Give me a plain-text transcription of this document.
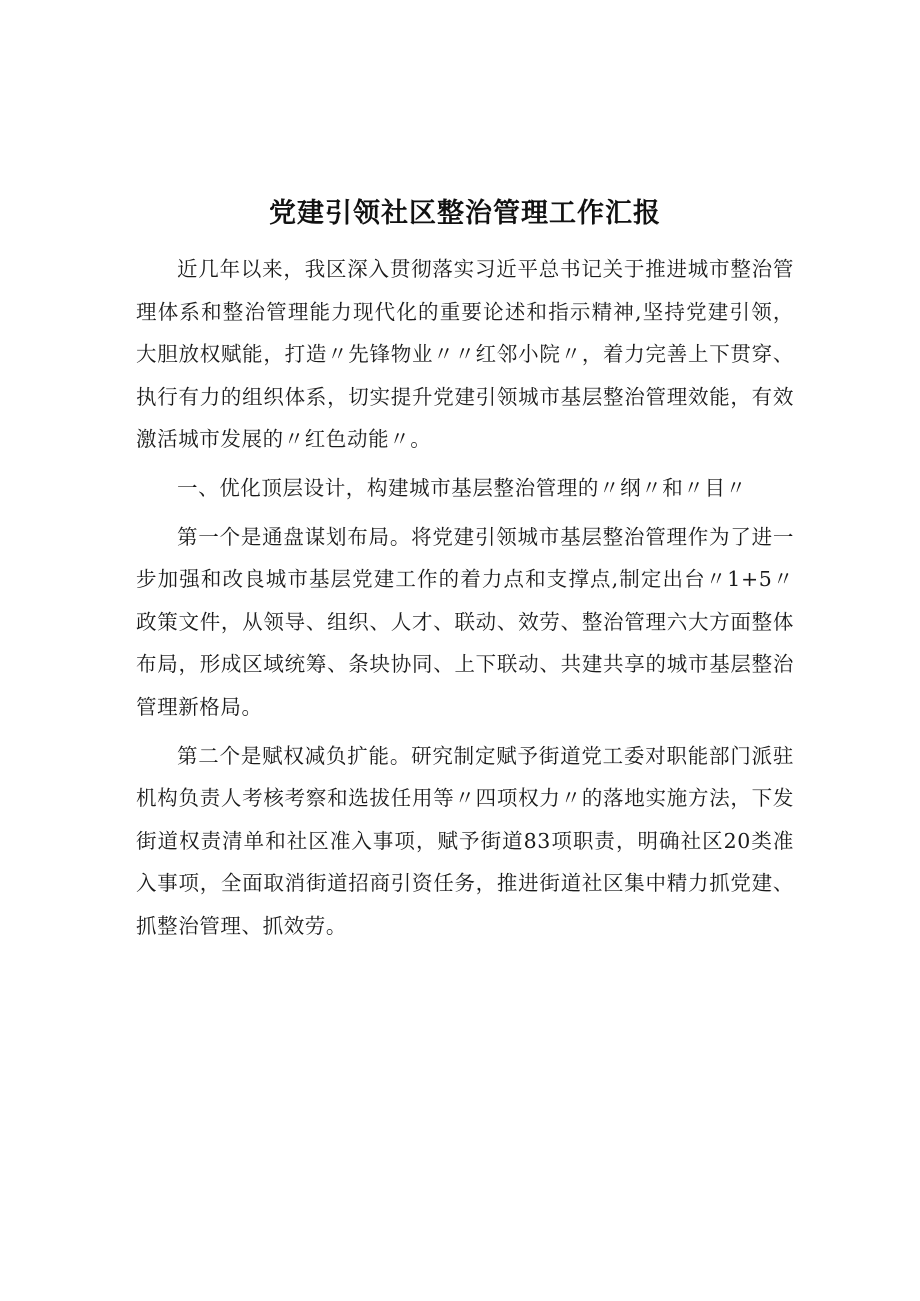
党建引领社区整治管理工作汇报

近几年以来，我区深入贯彻落实习近平总书记关于推进城市整治管理体系和整治管理能力现代化的重要论述和指示精神,坚持党建引领，大胆放权赋能，打造〃先锋物业〃〃红邻小院〃，着力完善上下贯穿、执行有力的组织体系，切实提升党建引领城市基层整治管理效能，有效激活城市发展的〃红色动能〃。

一、优化顶层设计，构建城市基层整治管理的〃纲〃和〃目〃

第一个是通盘谋划布局。将党建引领城市基层整治管理作为了进一步加强和改良城市基层党建工作的着力点和支撑点,制定出台〃1+5〃政策文件，从领导、组织、人才、联动、效劳、整治管理六大方面整体布局，形成区域统筹、条块协同、上下联动、共建共享的城市基层整治管理新格局。

第二个是赋权减负扩能。研究制定赋予街道党工委对职能部门派驻机构负责人考核考察和选拔任用等〃四项权力〃的落地实施方法，下发街道权责清单和社区准入事项，赋予街道83项职责，明确社区20类准入事项，全面取消街道招商引资任务，推进街道社区集中精力抓党建、抓整治管理、抓效劳。
